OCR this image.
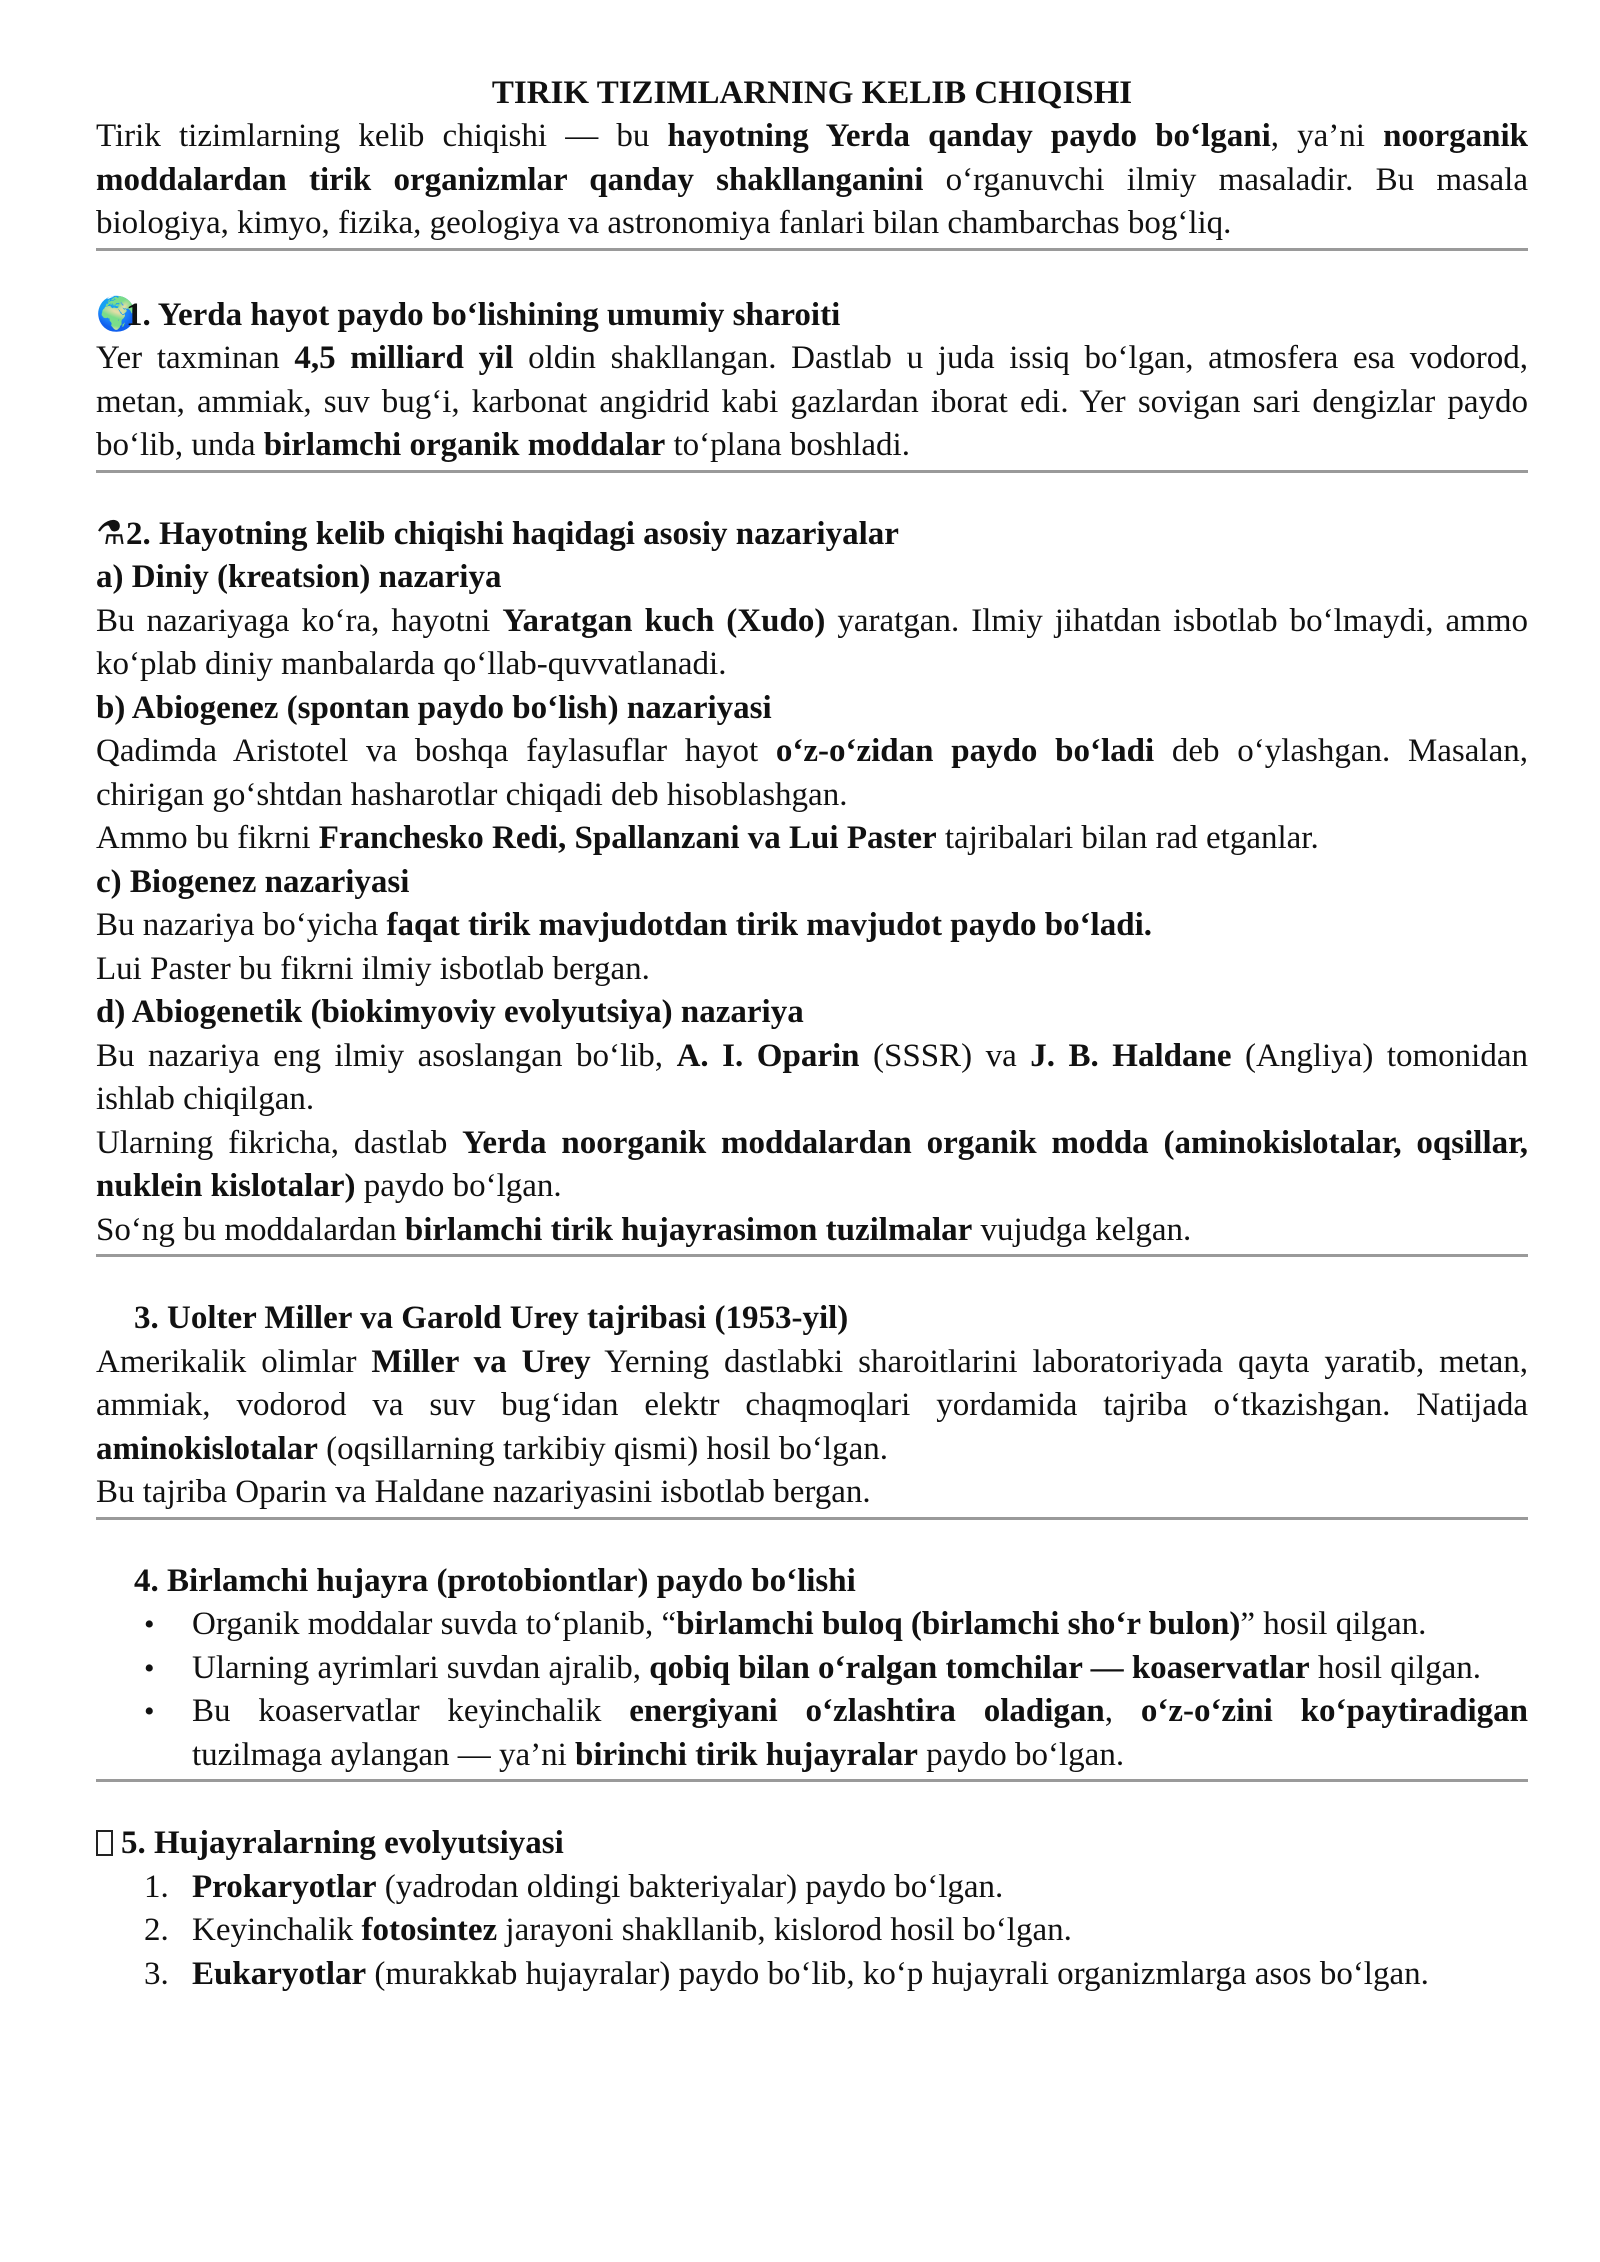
TIRIK TIZIMLARNING KELIB CHIQISHI

Tirik tizimlarning kelib chiqishi — bu hayotning Yerda qanday paydo bo‘lgani, ya’ni noorganik moddalardan tirik organizmlar qanday shakllanganini o‘rganuvchi ilmiy masaladir. Bu masala biologiya, kimyo, fizika, geologiya va astronomiya fanlari bilan chambarchas bog‘liq.

🌍1. Yerda hayot paydo bo‘lishining umumiy sharoiti

Yer taxminan 4,5 milliard yil oldin shakllangan. Dastlab u juda issiq bo‘lgan, atmosfera esa vodorod, metan, ammiak, suv bug‘i, karbonat angidrid kabi gazlardan iborat edi. Yer sovigan sari dengizlar paydo bo‘lib, unda birlamchi organik moddalar to‘plana boshladi.

⚗2. Hayotning kelib chiqishi haqidagi asosiy nazariyalar
a) Diniy (kreatsion) nazariya

Bu nazariyaga ko‘ra, hayotni Yaratgan kuch (Xudo) yaratgan. Ilmiy jihatdan isbotlab bo‘lmaydi, ammo ko‘plab diniy manbalarda qo‘llab-quvvatlanadi.

b) Abiogenez (spontan paydo bo‘lish) nazariyasi

Qadimda Aristotel va boshqa faylasuflar hayot o‘z-o‘zidan paydo bo‘ladi deb o‘ylashgan. Masalan, chirigan go‘shtdan hasharotlar chiqadi deb hisoblashgan.

Ammo bu fikrni Franchesko Redi, Spallanzani va Lui Paster tajribalari bilan rad etganlar.

c) Biogenez nazariyasi

Bu nazariya bo‘yicha faqat tirik mavjudotdan tirik mavjudot paydo bo‘ladi.

Lui Paster bu fikrni ilmiy isbotlab bergan.

d) Abiogenetik (biokimyoviy evolyutsiya) nazariya

Bu nazariya eng ilmiy asoslangan bo‘lib, A. I. Oparin (SSSR) va J. B. Haldane (Angliya) tomonidan ishlab chiqilgan.

Ularning fikricha, dastlab Yerda noorganik moddalardan organik modda (aminokislotalar, oqsillar, nuklein kislotalar) paydo bo‘lgan.

So‘ng bu moddalardan birlamchi tirik hujayrasimon tuzilmalar vujudga kelgan.

3. Uolter Miller va Garold Urey tajribasi (1953-yil)

Amerikalik olimlar Miller va Urey Yerning dastlabki sharoitlarini laboratoriyada qayta yaratib, metan, ammiak, vodorod va suv bug‘idan elektr chaqmoqlari yordamida tajriba o‘tkazishgan. Natijada aminokislotalar (oqsillarning tarkibiy qismi) hosil bo‘lgan.

Bu tajriba Oparin va Haldane nazariyasini isbotlab bergan.

4. Birlamchi hujayra (protobiontlar) paydo bo‘lishi
• Organik moddalar suvda to‘planib, “birlamchi buloq (birlamchi sho‘r bulon)” hosil qilgan.
• Ularning ayrimlari suvdan ajralib, qobiq bilan o‘ralgan tomchilar — koaservatlar hosil qilgan.
• Bu koaservatlar keyinchalik energiyani o‘zlashtira oladigan, o‘z-o‘zini ko‘paytiradigan tuzilmaga aylangan — ya’ni birinchi tirik hujayralar paydo bo‘lgan.
5. Hujayralarning evolyutsiyasi
1. Prokaryotlar (yadrodan oldingi bakteriyalar) paydo bo‘lgan.
2. Keyinchalik fotosintez jarayoni shakllanib, kislorod hosil bo‘lgan.
3. Eukaryotlar (murakkab hujayralar) paydo bo‘lib, ko‘p hujayrali organizmlarga asos bo‘lgan.
